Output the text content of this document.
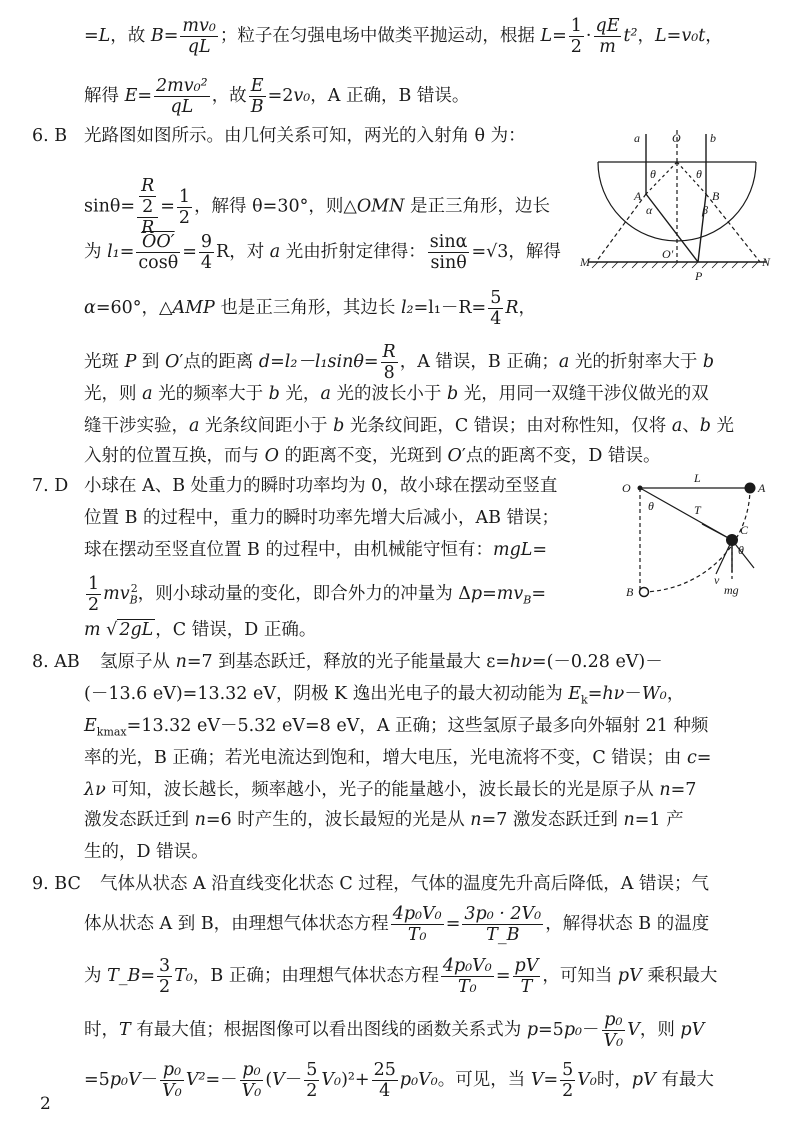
=L，故 $B= \frac{\text{mv₀}}{qL}$ ；粒子在匀强电场中做类平抛运动，根据 $L= \frac{1}{2} \cdot \frac{qE}{m} t^2$，L=v₀t，
解得 $E= \frac{\text{2mv₀²}}{qL}$ ，故 $\frac{E}{B} =2v_0$，A 正确，B 错误。
6. B 光路图如图所示。由几何关系可知，两光的入射角 θ 为：
$\sin\theta= \frac{\frac{R}{2}}{R} = \frac{1}{2}$ ，解得 θ=30°，则△OMN 是正三角形，边长
为 $l_1= \frac{OO'}{\cos\theta} = \frac{9}{4}$ R，对 a 光由折射定律得： $\frac{\sin\alpha}{\sin\theta} =√3$，解得
α=60°，△AMP 也是正三角形，其边长 $l_2=l_1-R= \frac{5}{4}$ R，
光斑 P 到 O′点的距离 $d=l_2-l_1\sin\theta= \frac{R}{8}$ ，A 错误，B 正确；a 光的折射率大于 b
光，则 a 光的频率大于 b 光，a 光的波长小于 b 光，用同一双缝干涉仪做光的双
缝干涉实验，a 光条纹间距小于 b 光条纹间距，C 错误；由对称性知，仅将 a、b 光
入射的位置互换，而与 O 的距离不变，光斑到 O′点的距离不变，D 错误。
a	O b
θ	θ
A	B
α	β
M
O′
P
N
7. D 小球在 A、B 处重力的瞬时功率均为 0，故小球在摆动至竖直
位置 B 的过程中，重力的瞬时功率先增大后减小，AB 错误；
球在摆动至竖直位置 B 的过程中，由机械能守恒有：mgL=
$\frac{1}{2} mv_B^2$，则小球动量的变化，即合外力的冲量为 $\Delta p=mv_B=$
m √ 2gL ，C 错误，D 正确。
O
L
A
θ	T
C
θ
v
mg
B
8. AB 氢原子从 n=7 到基态跃迁，释放的光子能量最大 ε=hν=(－0.28 eV)－
(－13.6 eV)=13.32 eV，阴极 K 逸出光电子的最大初动能为 $E_k=h\nu-W_0$，
$E_{kmax}=13.32$ eV－5.32 eV=8 eV，A 正确；这些氢原子最多向外辐射 21 种频
率的光，B 正确；若光电流达到饱和，增大电压，光电流将不变，C 错误；由 c=
λν 可知，波长越长，频率越小，光子的能量越小，波长最长的光是原子从 n=7
激发态跃迁到 n=6 时产生的，波长最短的光是从 n=7 激发态跃迁到 n=1 产
生的，D 错误。
9. BC 气体从状态 A 沿直线变化状态 C 过程，气体的温度先升高后降低，A 错误；气
体从状态 A 到 B，由理想气体状态方程 $\frac{\text{4p₀V₀}}{\text{T₀}} = \frac{\text{3p₀ · 2V₀}}{T\_B}$ ，解得状态 B 的温度
为 T_B= $\frac{3}{2} T_0$，B 正确；由理想气体状态方程 $\frac{\text{4p₀V₀}}{\text{T₀}} = \frac{pV}{T}$ ，可知当 pV 乘积最大
时，T 有最大值；根据图像可以看出图线的函数关系式为 $p=5p_0- \frac{\text{p₀}}{\text{V₀}}$ V，则 pV
$=5p_0V- \frac{\text{p₀}}{\text{V₀}} V^2=- \frac{\text{p₀}}{\text{V₀}} (V- \frac{5}{2} V_0)^2+ \frac{25}{4} p_0V_0$。可见，当 $V= \frac{5}{2} V_0$时，pV 有最大
2
